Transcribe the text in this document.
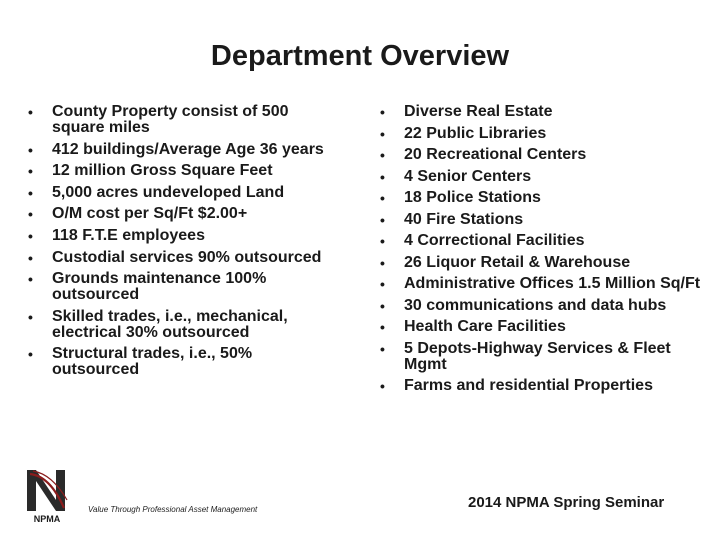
Department Overview
• County Property consist of 500 square miles
• 412 buildings/Average Age 36 years
• 12 million Gross Square Feet
• 5,000 acres undeveloped Land
• O/M cost per Sq/Ft $2.00+
• 118 F.T.E employees
• Custodial services 90% outsourced
• Grounds maintenance 100% outsourced
• Skilled trades, i.e., mechanical, electrical 30% outsourced
• Structural trades, i.e., 50% outsourced
• Diverse Real Estate
• 22 Public Libraries
• 20 Recreational Centers
• 4 Senior Centers
• 18 Police Stations
• 40 Fire Stations
• 4 Correctional Facilities
• 26 Liquor Retail & Warehouse
• Administrative Offices 1.5 Million Sq/Ft
• 30 communications and data hubs
• Health Care Facilities
• 5 Depots-Highway Services & Fleet Mgmt
• Farms and residential Properties
NPMA
Value Through Professional Asset Management	2014 NPMA Spring Seminar
